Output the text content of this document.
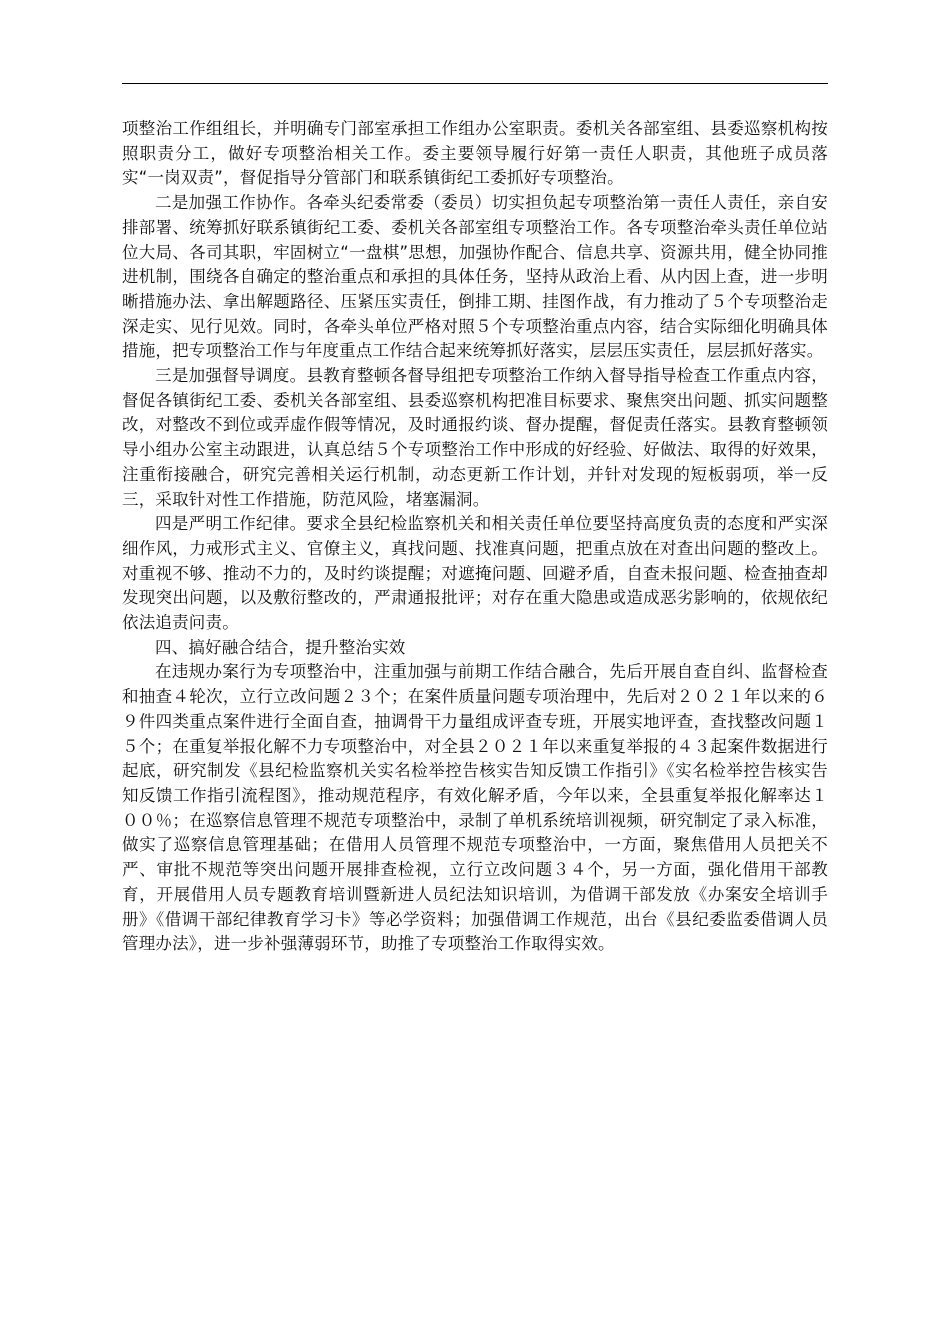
项整治工作组组长，并明确专门部室承担工作组办公室职责。委机关各部室组、县委巡察机构按照职责分工，做好专项整治相关工作。委主要领导履行好第一责任人职责，其他班子成员落实“一岗双责”，督促指导分管部门和联系镇街纪工委抓好专项整治。

二是加强工作协作。各牵头纪委常委（委员）切实担负起专项整治第一责任人责任，亲自安排部署、统筹抓好联系镇街纪工委、委机关各部室组专项整治工作。各专项整治牵头责任单位站位大局、各司其职，牢固树立“一盘棋”思想，加强协作配合、信息共享、资源共用，健全协同推进机制，围绕各自确定的整治重点和承担的具体任务，坚持从政治上看、从内因上查，进一步明晰措施办法、拿出解题路径、压紧压实责任，倒排工期、挂图作战，有力推动了５个专项整治走深走实、见行见效。同时，各牵头单位严格对照５个专项整治重点内容，结合实际细化明确具体措施，把专项整治工作与年度重点工作结合起来统筹抓好落实，层层压实责任，层层抓好落实。

三是加强督导调度。县教育整顿各督导组把专项整治工作纳入督导指导检查工作重点内容，督促各镇街纪工委、委机关各部室组、县委巡察机构把准目标要求、聚焦突出问题、抓实问题整改，对整改不到位或弄虚作假等情况，及时通报约谈、督办提醒，督促责任落实。县教育整顿领导小组办公室主动跟进，认真总结５个专项整治工作中形成的好经验、好做法、取得的好效果，注重衔接融合，研究完善相关运行机制，动态更新工作计划，并针对发现的短板弱项，举一反三，采取针对性工作措施，防范风险，堵塞漏洞。

四是严明工作纪律。要求全县纪检监察机关和相关责任单位要坚持高度负责的态度和严实深细作风，力戒形式主义、官僚主义，真找问题、找准真问题，把重点放在对查出问题的整改上。对重视不够、推动不力的，及时约谈提醒；对遮掩问题、回避矛盾，自查未报问题、检查抽查却发现突出问题，以及敷衍整改的，严肃通报批评；对存在重大隐患或造成恶劣影响的，依规依纪依法追责问责。

四、搞好融合结合，提升整治实效

在违规办案行为专项整治中，注重加强与前期工作结合融合，先后开展自查自纠、监督检查和抽查４轮次，立行立改问题２３个；在案件质量问题专项治理中，先后对２０２１年以来的６９件四类重点案件进行全面自查，抽调骨干力量组成评查专班，开展实地评查，查找整改问题１５个；在重复举报化解不力专项整治中，对全县２０２１年以来重复举报的４３起案件数据进行起底，研究制发《县纪检监察机关实名检举控告核实告知反馈工作指引》《实名检举控告核实告知反馈工作指引流程图》，推动规范程序，有效化解矛盾，今年以来，全县重复举报化解率达１００％；在巡察信息管理不规范专项整治中，录制了单机系统培训视频，研究制定了录入标准，做实了巡察信息管理基础；在借用人员管理不规范专项整治中，一方面，聚焦借用人员把关不严、审批不规范等突出问题开展排查检视，立行立改问题３４个，另一方面，强化借用干部教育，开展借用人员专题教育培训暨新进人员纪法知识培训，为借调干部发放《办案安全培训手册》《借调干部纪律教育学习卡》等必学资料；加强借调工作规范，出台《县纪委监委借调人员管理办法》，进一步补强薄弱环节，助推了专项整治工作取得实效。
